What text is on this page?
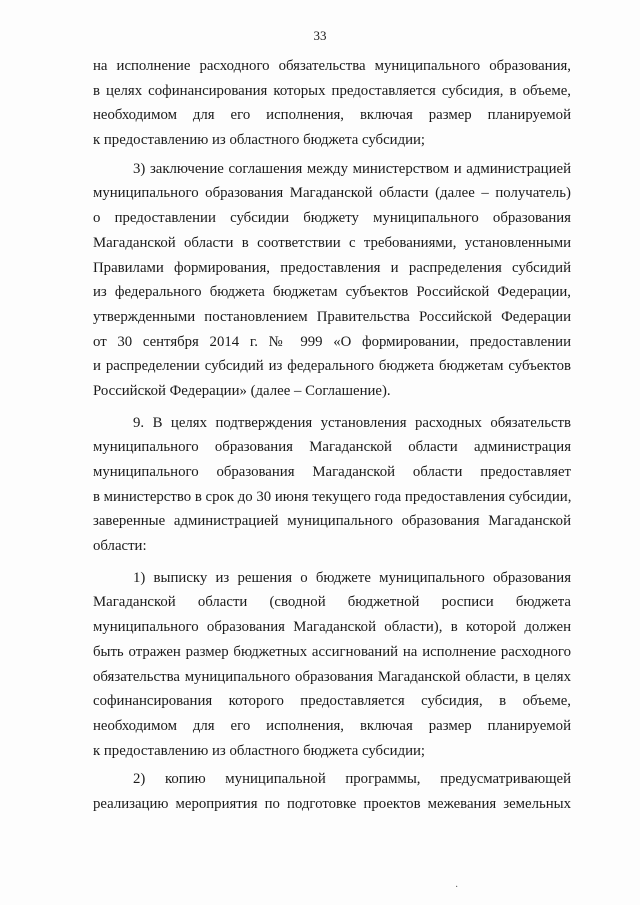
33
на исполнение расходного обязательства муниципального образования,
в целях софинансирования которых предоставляется субсидия, в объеме,
необходимом для его исполнения, включая размер планируемой
к предоставлению из областного бюджета субсидии;
3) заключение соглашения между министерством и администрацией
муниципального образования Магаданской области (далее – получатель)
о предоставлении субсидии бюджету муниципального образования
Магаданской области в соответствии с требованиями, установленными
Правилами формирования, предоставления и распределения субсидий
из федерального бюджета бюджетам субъектов Российской Федерации,
утвержденными постановлением Правительства Российской Федерации
от 30 сентября 2014 г. № 999 «О формировании, предоставлении
и распределении субсидий из федерального бюджета бюджетам субъектов
Российской Федерации» (далее – Соглашение).
9. В целях подтверждения установления расходных обязательств
муниципального образования Магаданской области администрация
муниципального образования Магаданской области предоставляет
в министерство в срок до 30 июня текущего года предоставления субсидии,
заверенные администрацией муниципального образования Магаданской
области:
1) выписку из решения о бюджете муниципального образования
Магаданской области (сводной бюджетной росписи бюджета
муниципального образования Магаданской области), в которой должен
быть отражен размер бюджетных ассигнований на исполнение расходного
обязательства муниципального образования Магаданской области, в целях
софинансирования которого предоставляется субсидия, в объеме,
необходимом для его исполнения, включая размер планируемой
к предоставлению из областного бюджета субсидии;
2) копию муниципальной программы, предусматривающей
реализацию мероприятия по подготовке проектов межевания земельных
·
